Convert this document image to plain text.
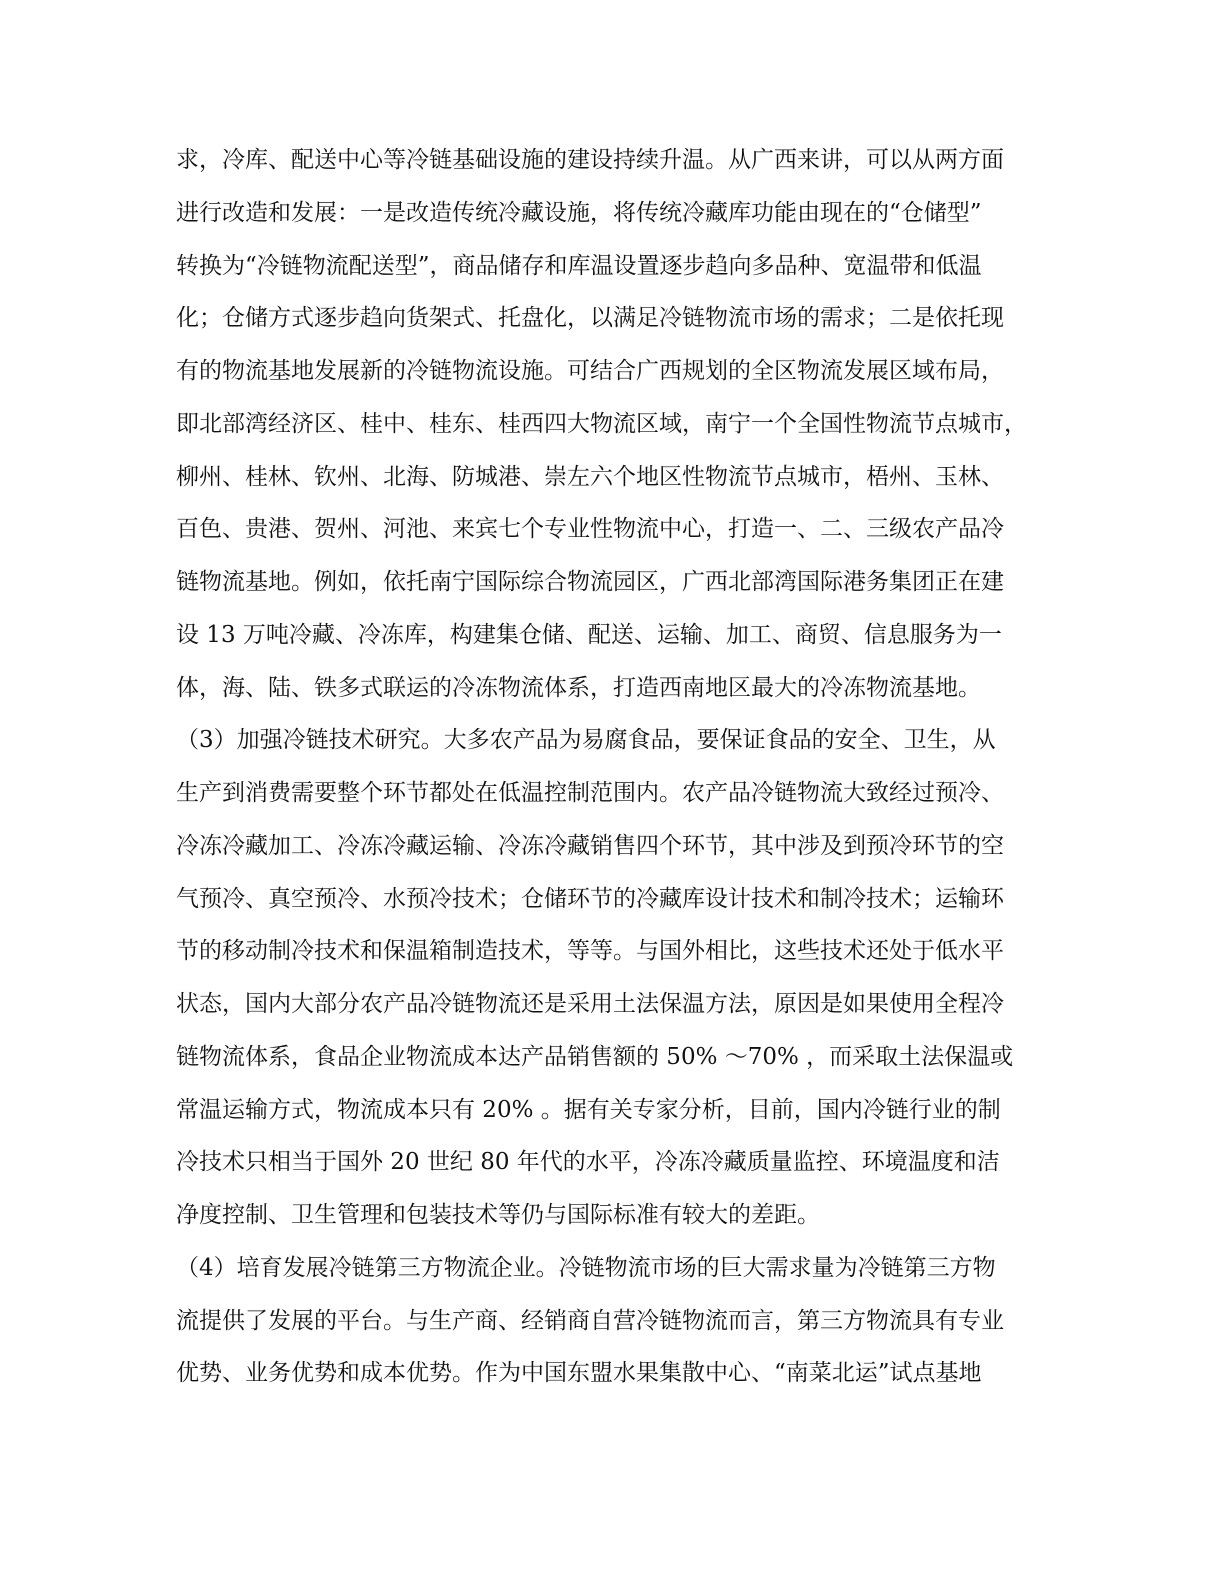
求，冷库、配送中心等冷链基础设施的建设持续升温。从广西来讲，可以从两方面
进行改造和发展：一是改造传统冷藏设施，将传统冷藏库功能由现在的“仓储型”
转换为“冷链物流配送型”，商品储存和库温设置逐步趋向多品种、宽温带和低温
化；仓储方式逐步趋向货架式、托盘化，以满足冷链物流市场的需求；二是依托现
有的物流基地发展新的冷链物流设施。可结合广西规划的全区物流发展区域布局，
即北部湾经济区、桂中、桂东、桂西四大物流区域，南宁一个全国性物流节点城市，
柳州、桂林、钦州、北海、防城港、崇左六个地区性物流节点城市，梧州、玉林、
百色、贵港、贺州、河池、来宾七个专业性物流中心，打造一、二、三级农产品冷
链物流基地。例如，依托南宁国际综合物流园区，广西北部湾国际港务集团正在建
设 13 万吨冷藏、冷冻库，构建集仓储、配送、运输、加工、商贸、信息服务为一
体，海、陆、铁多式联运的冷冻物流体系，打造西南地区最大的冷冻物流基地。
（3）加强冷链技术研究。大多农产品为易腐食品，要保证食品的安全、卫生，从
生产到消费需要整个环节都处在低温控制范围内。农产品冷链物流大致经过预冷、
冷冻冷藏加工、冷冻冷藏运输、冷冻冷藏销售四个环节，其中涉及到预冷环节的空
气预冷、真空预冷、水预冷技术；仓储环节的冷藏库设计技术和制冷技术；运输环
节的移动制冷技术和保温箱制造技术，等等。与国外相比，这些技术还处于低水平
状态，国内大部分农产品冷链物流还是采用土法保温方法，原因是如果使用全程冷
链物流体系，食品企业物流成本达产品销售额的 50% ～70% ，而采取土法保温或
常温运输方式，物流成本只有 20% 。据有关专家分析，目前，国内冷链行业的制
冷技术只相当于国外 20 世纪 80 年代的水平，冷冻冷藏质量监控、环境温度和洁
净度控制、卫生管理和包装技术等仍与国际标准有较大的差距。
（4）培育发展冷链第三方物流企业。冷链物流市场的巨大需求量为冷链第三方物
流提供了发展的平台。与生产商、经销商自营冷链物流而言，第三方物流具有专业
优势、业务优势和成本优势。作为中国东盟水果集散中心、“南菜北运”试点基地
